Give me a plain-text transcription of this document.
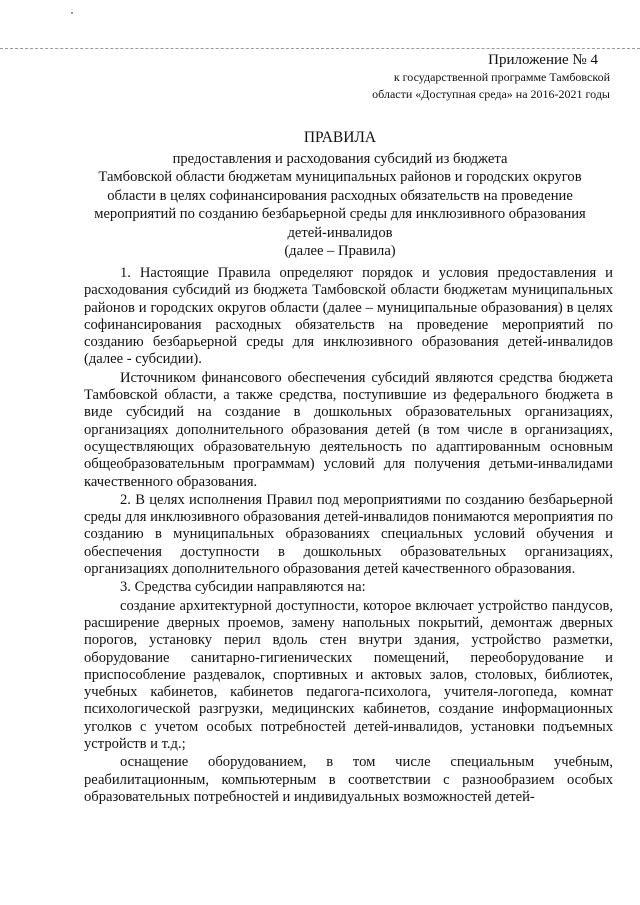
Приложение № 4
к государственной программе Тамбовской
области «Доступная среда» на 2016-2021 годы
ПРАВИЛА
предоставления и расходования субсидий из бюджета
Тамбовской области бюджетам муниципальных районов и городских округов
области в целях софинансирования расходных обязательств на проведение
мероприятий по созданию безбарьерной среды для инклюзивного образования
детей-инвалидов
(далее – Правила)

1. Настоящие Правила определяют порядок и условия предоставления и расходования субсидий из бюджета Тамбовской области бюджетам муниципальных районов и городских округов области (далее – муниципальные образования) в целях софинансирования расходных обязательств на проведение мероприятий по созданию безбарьерной среды для инклюзивного образования детей-инвалидов (далее - субсидии).

Источником финансового обеспечения субсидий являются средства бюджета Тамбовской области, а также средства, поступившие из федерального бюджета в виде субсидий на создание в дошкольных образовательных организациях, организациях дополнительного образования детей (в том числе в организациях, осуществляющих образовательную деятельность по адаптированным основным общеобразовательным программам) условий для получения детьми-инвалидами качественного образования.

2. В целях исполнения Правил под мероприятиями по созданию безбарьерной среды для инклюзивного образования детей-инвалидов понимаются мероприятия по созданию в муниципальных образованиях специальных условий обучения и обеспечения доступности в дошкольных образовательных организациях, организациях дополнительного образования детей качественного образования.

3. Средства субсидии направляются на:

создание архитектурной доступности, которое включает устройство пандусов, расширение дверных проемов, замену напольных покрытий, демонтаж дверных порогов, установку перил вдоль стен внутри здания, устройство разметки, оборудование санитарно-гигиенических помещений, переоборудование и приспособление раздевалок, спортивных и актовых залов, столовых, библиотек, учебных кабинетов, кабинетов педагога-психолога, учителя-логопеда, комнат психологической разгрузки, медицинских кабинетов, создание информационных уголков с учетом особых потребностей детей-инвалидов, установки подъемных устройств и т.д.;

оснащение оборудованием, в том числе специальным учебным, реабилитационным, компьютерным в соответствии с разнообразием особых образовательных потребностей и индивидуальных возможностей детей-
